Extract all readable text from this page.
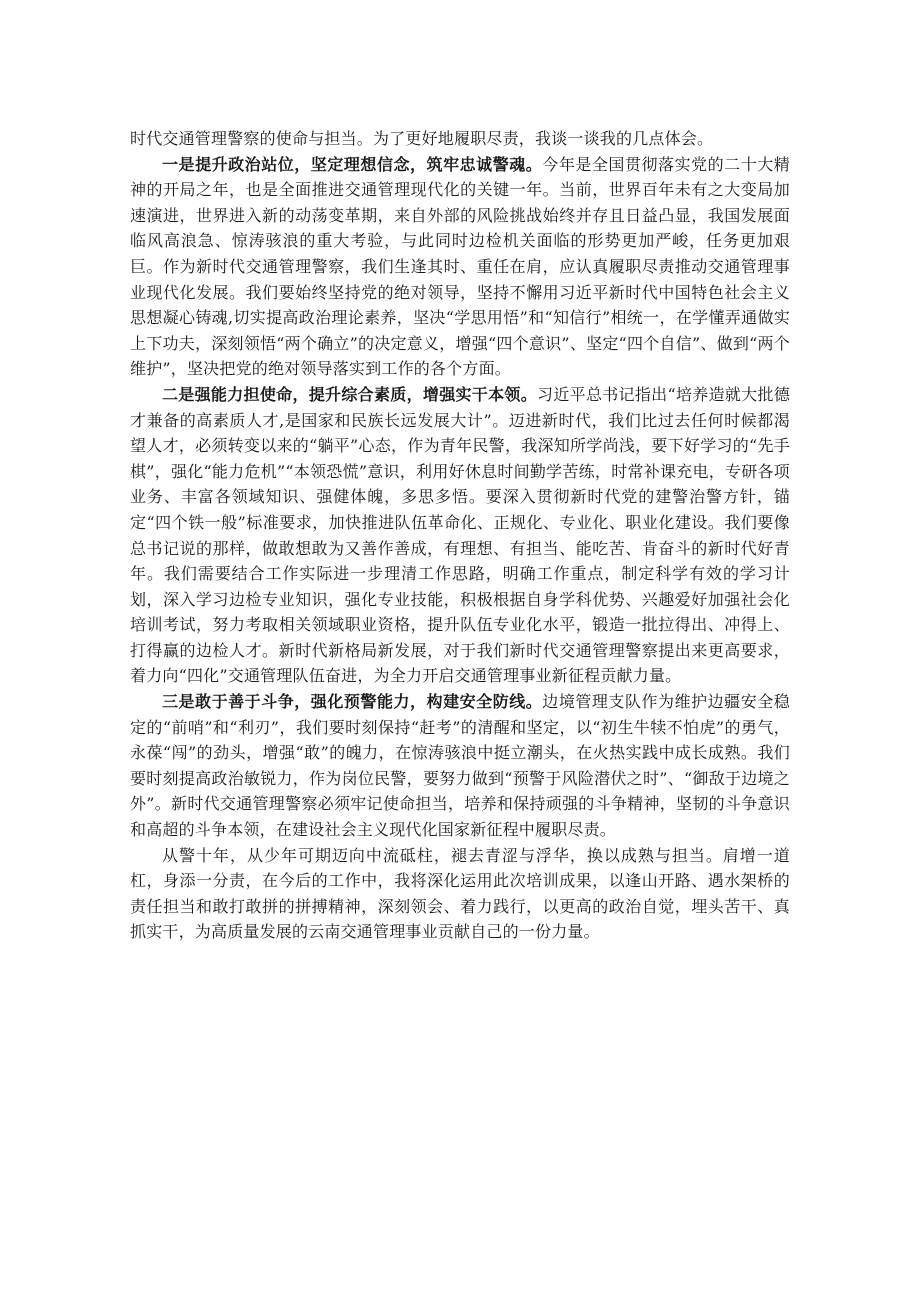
时代交通管理警察的使命与担当。为了更好地履职尽责，我谈一谈我的几点体会。

一是提升政治站位，坚定理想信念，筑牢忠诚警魂。今年是全国贯彻落实党的二十大精神的开局之年，也是全面推进交通管理现代化的关键一年。当前，世界百年未有之大变局加速演进，世界进入新的动荡变革期，来自外部的风险挑战始终并存且日益凸显，我国发展面临风高浪急、惊涛骇浪的重大考验，与此同时边检机关面临的形势更加严峻，任务更加艰巨。作为新时代交通管理警察，我们生逢其时、重任在肩，应认真履职尽责推动交通管理事业现代化发展。我们要始终坚持党的绝对领导，坚持不懈用习近平新时代中国特色社会主义思想凝心铸魂,切实提高政治理论素养，坚决“学思用悟”和“知信行”相统一，在学懂弄通做实上下功夫，深刻领悟“两个确立”的决定意义，增强“四个意识”、坚定“四个自信”、做到“两个维护”，坚决把党的绝对领导落实到工作的各个方面。

二是强能力担使命，提升综合素质，增强实干本领。习近平总书记指出“培养造就大批德才兼备的高素质人才,是国家和民族长远发展大计”。迈进新时代，我们比过去任何时候都渴望人才，必须转变以来的“躺平”心态，作为青年民警，我深知所学尚浅，要下好学习的“先手棋”，强化“能力危机”“本领恐慌”意识，利用好休息时间勤学苦练，时常补课充电，专研各项业务、丰富各领域知识、强健体魄，多思多悟。要深入贯彻新时代党的建警治警方针，锚定“四个铁一般”标准要求，加快推进队伍革命化、正规化、专业化、职业化建设。我们要像总书记说的那样，做敢想敢为又善作善成，有理想、有担当、能吃苦、肯奋斗的新时代好青年。我们需要结合工作实际进一步理清工作思路，明确工作重点，制定科学有效的学习计划，深入学习边检专业知识，强化专业技能，积极根据自身学科优势、兴趣爱好加强社会化培训考试，努力考取相关领域职业资格，提升队伍专业化水平，锻造一批拉得出、冲得上、打得赢的边检人才。新时代新格局新发展，对于我们新时代交通管理警察提出来更高要求，着力向“四化”交通管理队伍奋进，为全力开启交通管理事业新征程贡献力量。

三是敢于善于斗争，强化预警能力，构建安全防线。边境管理支队作为维护边疆安全稳定的“前哨”和“利刃”，我们要时刻保持“赶考”的清醒和坚定，以“初生牛犊不怕虎”的勇气，永葆“闯”的劲头，增强“敢”的魄力，在惊涛骇浪中挺立潮头，在火热实践中成长成熟。我们要时刻提高政治敏锐力，作为岗位民警，要努力做到“预警于风险潜伏之时”、“御敌于边境之外”。新时代交通管理警察必须牢记使命担当，培养和保持顽强的斗争精神，坚韧的斗争意识和高超的斗争本领，在建设社会主义现代化国家新征程中履职尽责。

从警十年，从少年可期迈向中流砥柱，褪去青涩与浮华，换以成熟与担当。肩增一道杠，身添一分责，在今后的工作中，我将深化运用此次培训成果，以逢山开路、遇水架桥的责任担当和敢打敢拼的拼搏精神，深刻领会、着力践行，以更高的政治自觉，埋头苦干、真抓实干，为高质量发展的云南交通管理事业贡献自己的一份力量。
